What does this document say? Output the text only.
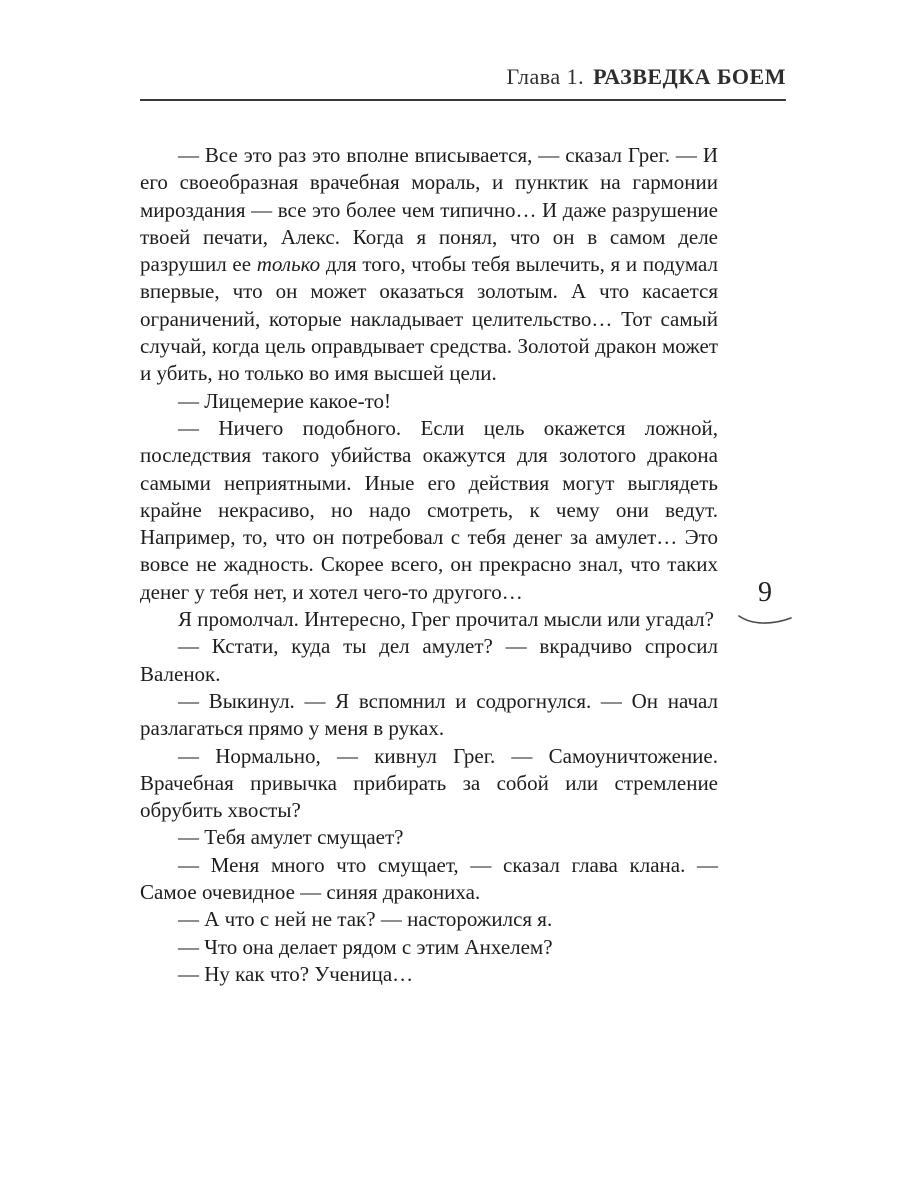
Глава 1. РАЗВЕДКА БОЕМ

— Все это раз это вполне вписывается, — сказал Грег. — И его своеобразная врачебная мораль, и пунктик на гармонии мироздания — все это более чем типично… И даже разрушение твоей печати, Алекс. Когда я понял, что он в самом деле разрушил ее только для того, чтобы тебя вылечить, я и подумал впервые, что он может оказаться золотым. А что касается ограничений, которые накладывает целительство… Тот самый случай, когда цель оправдывает средства. Золотой дракон может и убить, но только во имя высшей цели.

— Лицемерие какое-то!

— Ничего подобного. Если цель окажется ложной, последствия такого убийства окажутся для золотого дракона самыми неприятными. Иные его действия могут выглядеть крайне некрасиво, но надо смотреть, к чему они ведут. Например, то, что он потребовал с тебя денег за амулет… Это вовсе не жадность. Скорее всего, он прекрасно знал, что таких денег у тебя нет, и хотел чего-то другого…

Я промолчал. Интересно, Грег прочитал мысли или угадал?

— Кстати, куда ты дел амулет? — вкрадчиво спросил Валенок.

— Выкинул. — Я вспомнил и содрогнулся. — Он начал разлагаться прямо у меня в руках.

— Нормально, — кивнул Грег. — Самоуничтожение. Врачебная привычка прибирать за собой или стремление обрубить хвосты?

— Тебя амулет смущает?

— Меня много что смущает, — сказал глава клана. — Самое очевидное — синяя дракониха.

— А что с ней не так? — насторожился я.

— Что она делает рядом с этим Анхелем?

— Ну как что? Ученица…

9
